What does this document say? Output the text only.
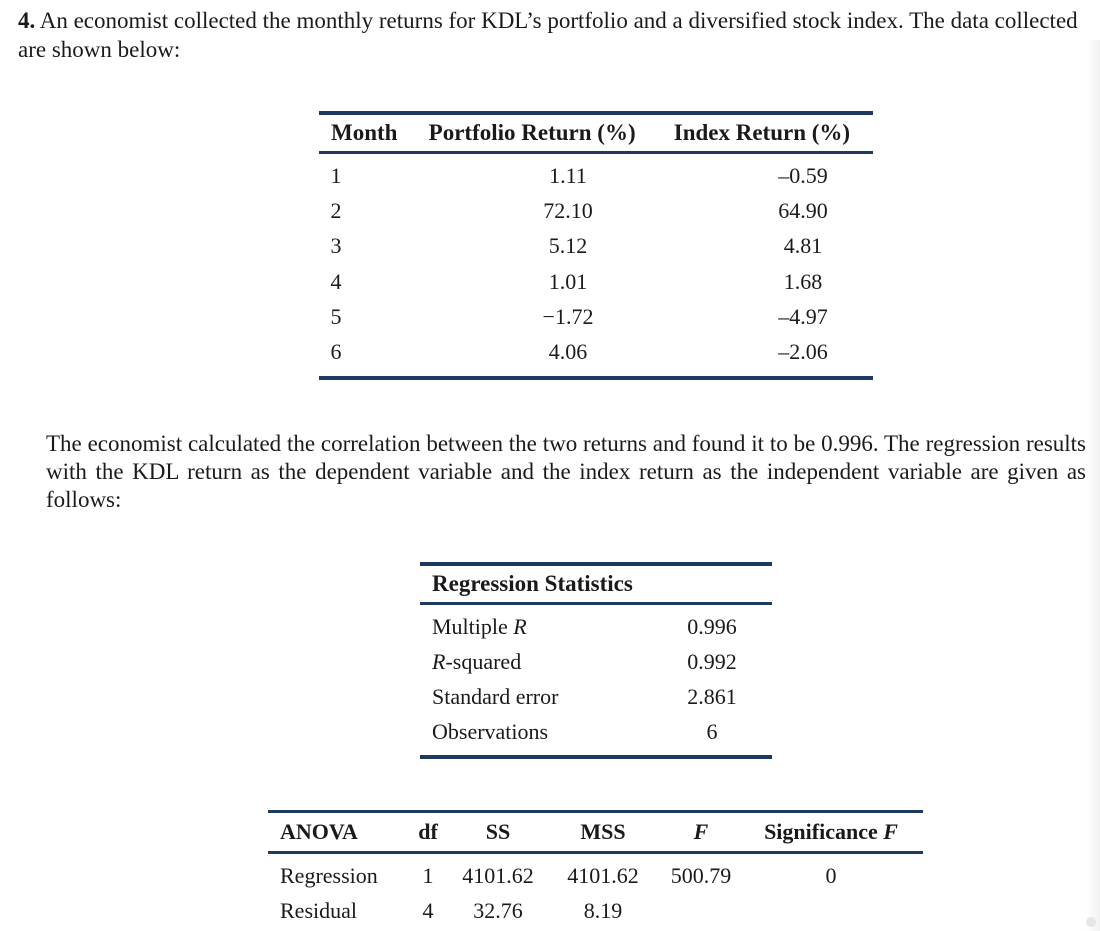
4. An economist collected the monthly returns for KDL’s portfolio and a diversified stock index. The data collected are shown below:
Month	Portfolio Return (%)	Index Return (%)
1	1.11	–0.59
2	72.10	64.90
3	5.12	4.81
4	1.01	1.68
5	−1.72	–4.97
6	4.06	–2.06
The economist calculated the correlation between the two returns and found it to be 0.996. The regression results with the KDL return as the dependent variable and the index return as the independent variable are given as follows:
Regression Statistics
Multiple R	0.996
R-squared	0.992
Standard error	2.861
Observations	6
ANOVA	df	SS	MSS	F	Significance F
Regression	1	4101.62	4101.62	500.79	0
Residual	4	32.76	8.19
